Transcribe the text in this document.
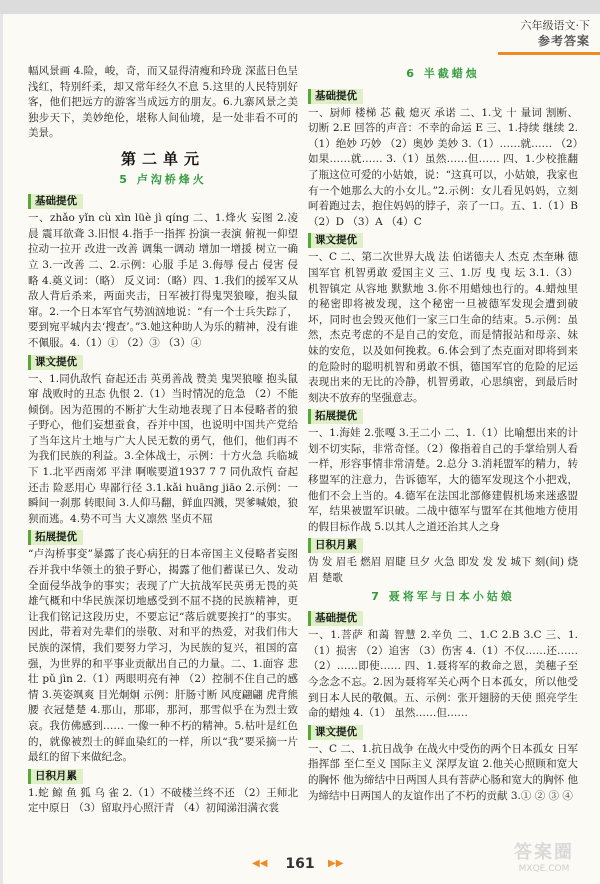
六年级语文·下
参考答案

幅风景画 4.险，峻，奇，而又显得清瘦和玲珑 深蓝日色呈浅红，特别纤柔，却又常年经久不息 5.这里的人民特别好客，他们把远方的游客当成远方的朋友。6.九寨风景之美独步天下，美妙绝伦，堪称人间仙境，是一处非看不可的美景。

第二单元
5 卢沟桥烽火
基础提优

一、zhǎo yǐn cù xìn lüè jì qíng 二、1.烽火 妄图 2.凌晨 震耳欲聋 3.旧恨 4.指手一指挥 扮演一表演 俯视一仰望 拉动一拉开 改进一改善 调集一调动 增加一增援 树立一确立 3.一改善 二、2.示例：心服 手足 3.侮辱 侵占 侵害 侵略 4.奠义词：（略） 反义词：（略）四、1.我们的援军又从敌人背后杀来，两面夹击，日军被打得鬼哭狼嚎，抱头鼠窜。2.一个日本军官气势汹汹地说：“有一个士兵失踪了，要到宛平城内去‘搜查’。”3.她这种助人为乐的精神，没有谁不佩服。4.（1）① （2）③ （3）④

课文提优

一、1.同仇敌忾 奋起还击 英勇善战 赞美 鬼哭狼嚎 抱头鼠窜 战败时的丑态 仇恨 2.（1）当时情况的危急 （2）不能倾倒。因为范围的不断扩大生动地表现了日本侵略者的狼子野心，他们妄想蚕食，吞并中国，也说明中国共产党给了当年这片土地与广大人民无数的勇气，他们，他们再不为我们民族的利益。3.全体战士，示例：十方火急 兵临城下 1.北平西南郊 平津 啊喉要道1937 7 7 同仇敌忾 奋起还击 险恶用心 卑鄙行径 3.1.kǎi huāng jiāo 2.示例：一瞬间一刹那 转眼间 3.人仰马翻，鲜血四溅，哭爹喊娘，狼狈而逃。4.势不可当 大义凛然 坚贞不屈

拓展提优

“卢沟桥事变”暴露了丧心病狂的日本帝国主义侵略者妄图吞并我中华领土的狼子野心，揭露了他们蓄谋已久、发动全面侵华战争的事实；表现了广大抗战军民英勇无畏的英雄气概和中华民族深切地感受到不屈不挠的民族精神，更让我们铭记这段历史，不要忘记“落后就要挨打”的事实。因此，带着对先辈们的崇敬、对和平的热爱，对我们伟大民族的深情，我们要努力学习，为民族的复兴，祖国的富强，为世界的和平事业贡献出自己的力量。二、1.面容 悲壮 pǔ jìn 2.（1）两眼明亮有神 （2）控制不住自己的感情 3.英姿飒爽 目光炯炯 示例：肝肠寸断 风度翩翩 虎背熊腰 衣冠楚楚 4.那山，那耶，那河，那雪似乎在为烈士致哀。我仿佛感到…… 一像一种不朽的精神。5.枯叶是红色的，就像被烈士的鲜血染红的一样，所以“我”要采摘一片最红的留下来做纪念。

日积月累

1.蛇 鲸 鱼 狐 乌 雀 2.（1）不破楼兰终不还 （2）王师北定中原日 （3）留取丹心照汗青 （4）初闻涕泪满衣裳

6 半截蜡烛
基础提优

一、厨师 楼梯 芯 截 熄灭 承诺 二、1.戈 十 量词 割断、切断 2.E 回答的声音：不幸的命运 E 三、1.持续 继续 2.（1）绝妙 巧妙 （2）奥妙 美妙 3.（1）……就…… （2）如果……就…… 3.（1）虽然……但…… 四、1.少校推翻了瓶这位可爱的小姑娘，说：“这真可以，小姑娘，我家也有一个她那么大的小女儿。”2.示例：女儿看见妈妈，立刻呵着跑过去，抱住妈妈的脖子，亲了一口。五、1.（1）B （2）D （3）A （4）C

课文提优

一、C 二、第二次世界大战 法 伯诺德夫人 杰克 杰奎琳 德国军官 机智勇敢 爱国主义 三、1.厉 曳 曳 坛 3.1.（3） 机智镇定 从容地 默默地 3.你不用蜡烛也行的。4.蜡烛里的秘密即将被发现，这个秘密一旦被德军发现会遭到破坏，同时也会毁灭他们一家三口生命的结束。5.示例：虽然，杰克考虑的不是自己的安危，而是情报站和母亲、妹妹的安危，以及如何挽救。6.体会到了杰克面对即将到来的危险时的聪明机智和勇敢不惧，德国军官的危险的尼运表现出来的无比的冷静，机智勇敢，心思缜密，到最后时刻决不放弃的坚强意志。

拓展提优

一、1.海娃 2.张嘎 3.王二小 二、1.（1）比喻想出来的计划不切实际，非常奇怪。（2）像指着自己的手掌给别人看一样，形容事情非常清楚。2.总分 3.消耗盟军的精力，转移盟军的注意力，告诉德军，大的德军发现这个小把戏，他们不会上当的。4.德军在法国北部修建假机场来迷惑盟军，结果被盟军识破。二战中德军与盟军在其他地方使用的假目标作战 5.以其人之道还治其人之身

日积月累

伪 发 眉毛 燃眉 眉睫 旦夕 火急 即发 发 发 城下 刻(间) 烧眉 楚歌

7 聂将军与日本小姑娘
基础提优

一、1.菩萨 和蔼 智慧 2.辛负 二、1.C 2.B 3.C 三、1.（1）损害 （2）追害 （3）伤害 4.（1）不仅……还…… （2）……即使…… 四、1.聂将军的救命之恩，美穗子至今念念不忘。2.因为聂将军关心两个日本孤女，所以他受到日本人民的敬佩。五、示例：张开翅膀的天使 照亮学生命的蜡烛 4.（1） 虽然……但……

课文提优

一、C 二、1.抗日战争 在战火中受伤的两个日本孤女 日军指挥部 至仁至义 国际主义 深厚友谊 2.他关心照顾和宽大的胸怀 他为缔结中日两国人具有菩萨心肠和宽大的胸怀 他为缔结中日两国人的友谊作出了不朽的贡献 3.① ② ③ ④

◀◀	161	▶▶
答案圈
MXQE.COM
